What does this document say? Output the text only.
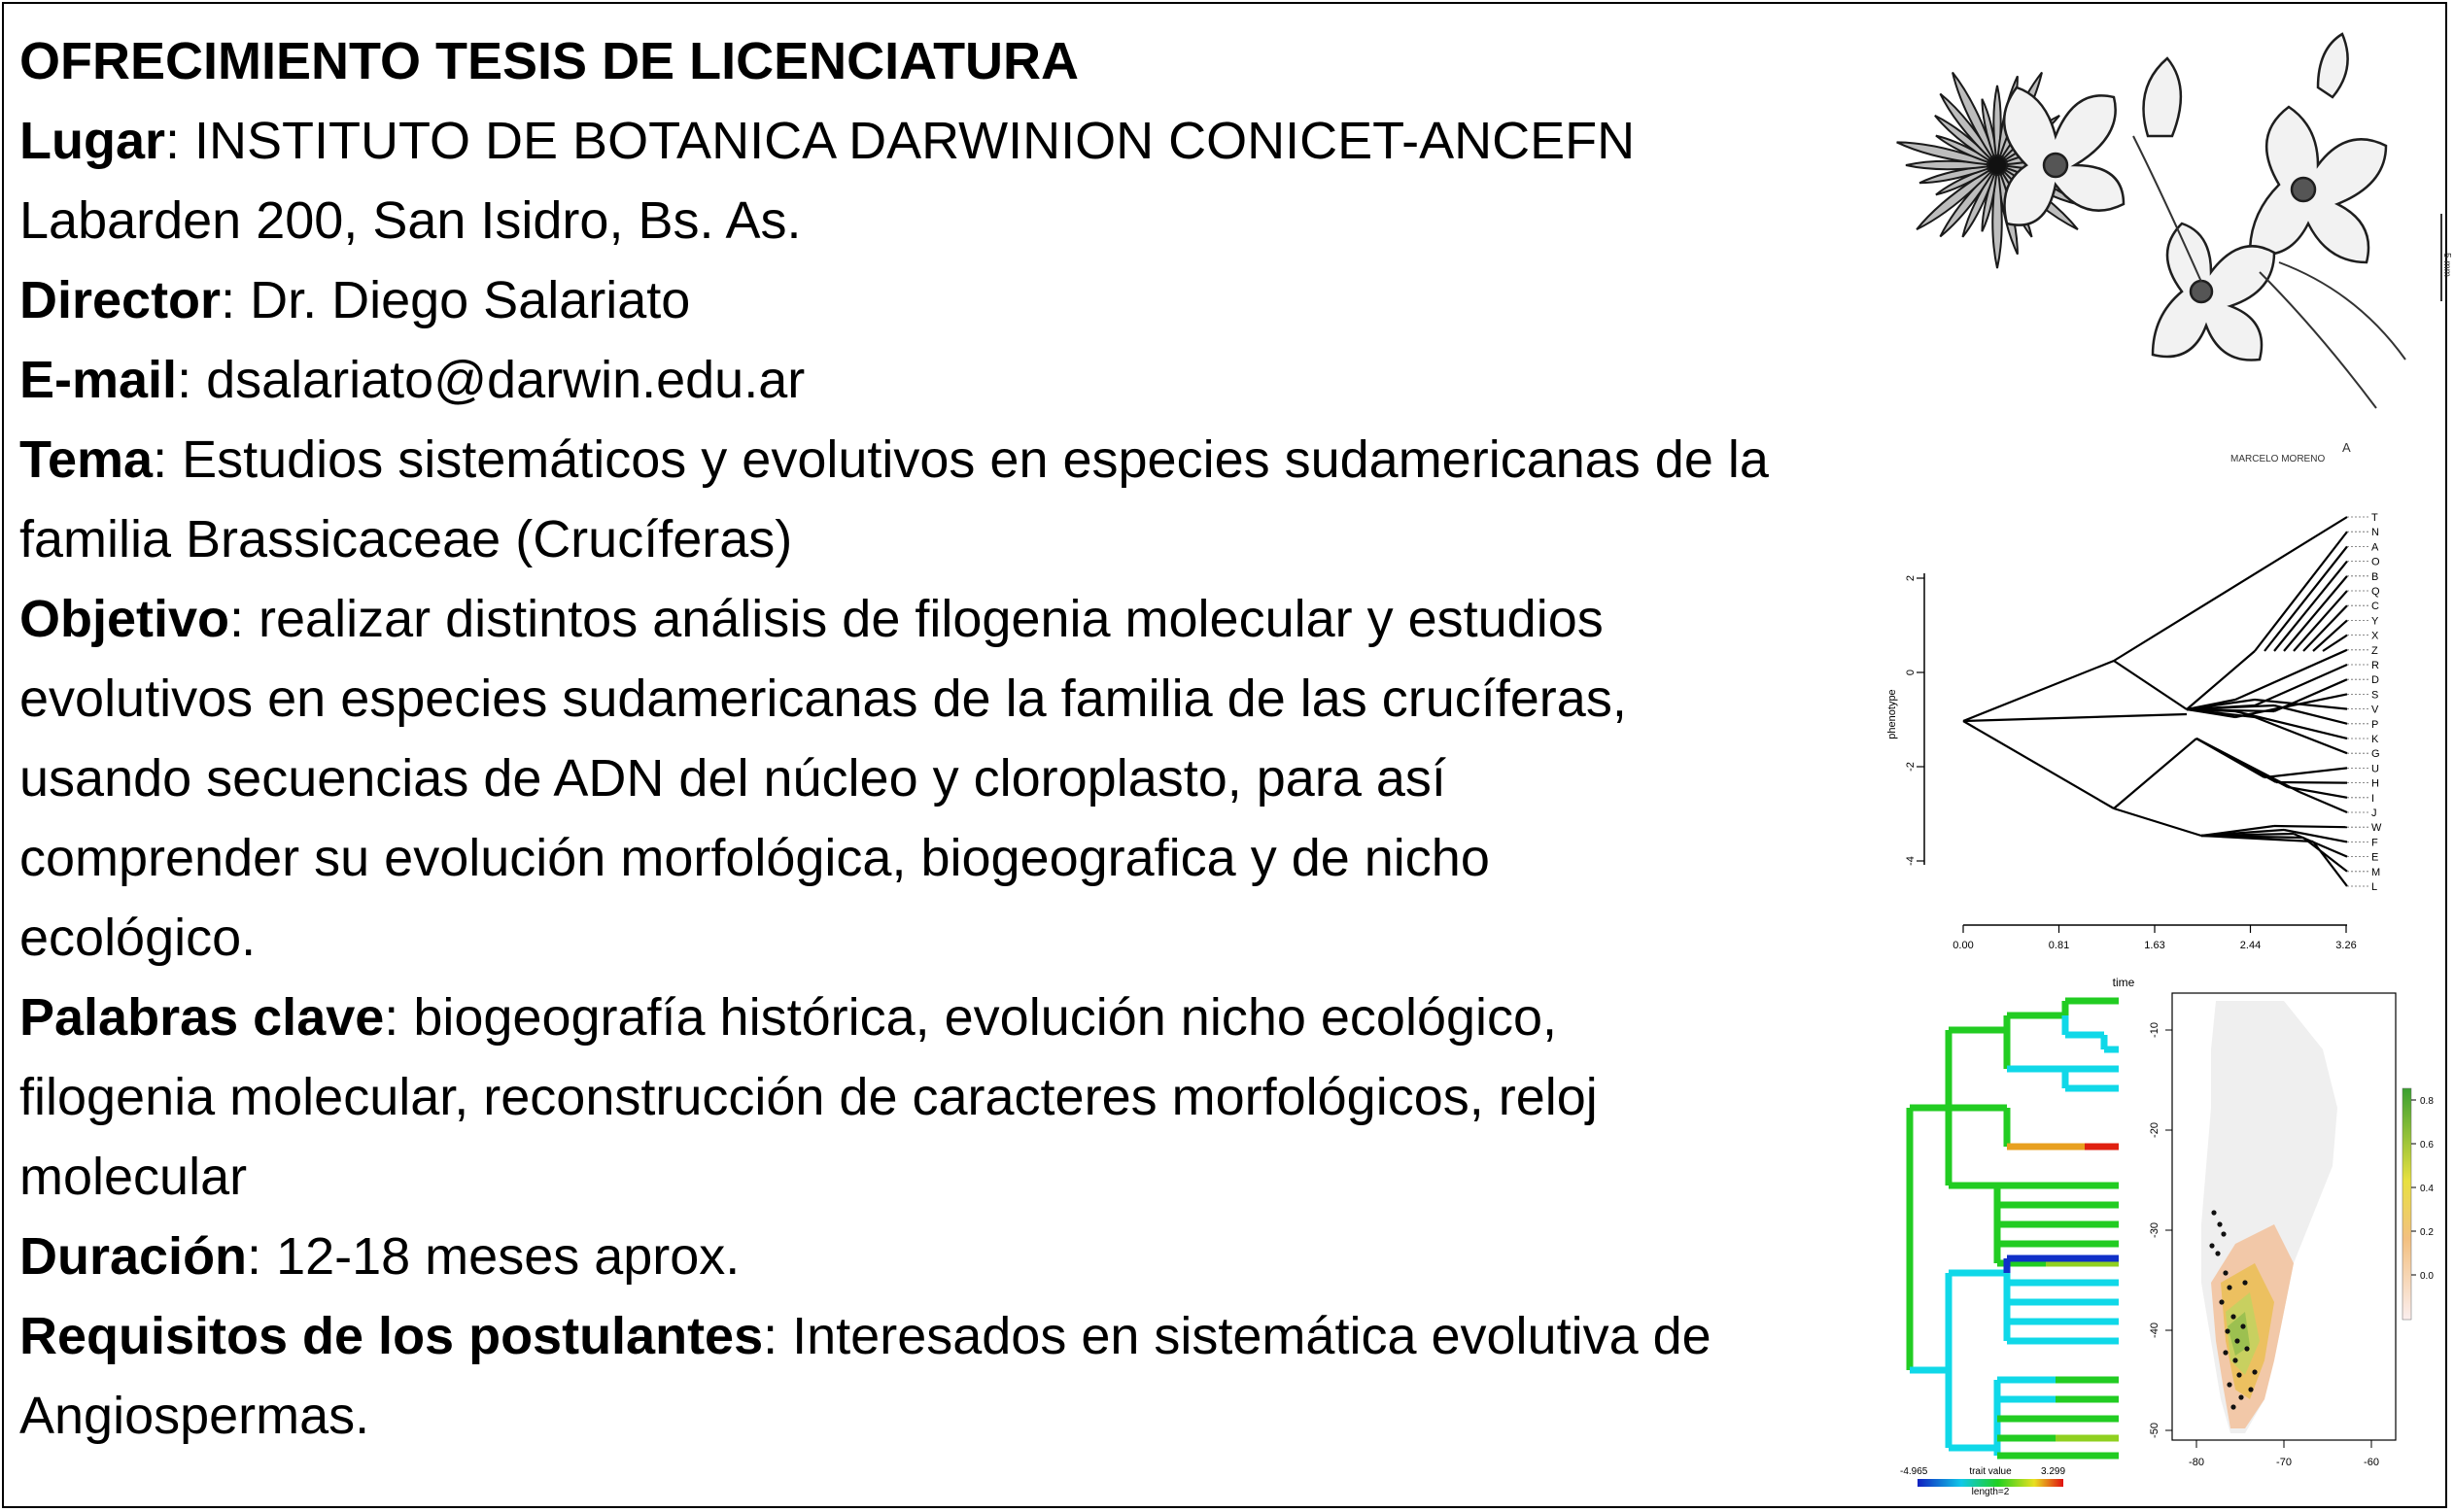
OFRECIMIENTO TESIS DE LICENCIATURA
Lugar: INSTITUTO DE BOTANICA DARWINION CONICET-ANCEFN
Labarden 200, San Isidro, Bs. As.
Director: Dr. Diego Salariato
E-mail: dsalariato@darwin.edu.ar
Tema: Estudios sistemáticos y evolutivos en especies sudamericanas de la
familia Brassicaceae (Crucíferas)
Objetivo: realizar distintos análisis de filogenia molecular y estudios
evolutivos en especies sudamericanas de la familia de las crucíferas,
usando secuencias de ADN del núcleo y cloroplasto, para así
comprender su evolución morfológica, biogeografica y de nicho
ecológico.
Palabras clave: biogeografía histórica, evolución nicho ecológico,
filogenia molecular, reconstrucción de caracteres morfológicos, reloj
molecular
Duración: 12-18 meses aprox.
Requisitos de los postulantes: Interesados en sistemática evolutiva de
Angiospermas.
MARCELO MORENO
A
5 mm
phenotype
2
0
-2
-4
0.00	0.81	1.63	2.44	3.26
time
T
N
A
O
B
Q
C
Y
X
Z
R
D
S
V
P
K
G
U
H
I
J
W
F
E
M
L
-4.965	trait value	3.299
length=2
-10
-20
-30
-40
-50
-80	-70	-60
0.8
0.6
0.4
0.2
0.0
